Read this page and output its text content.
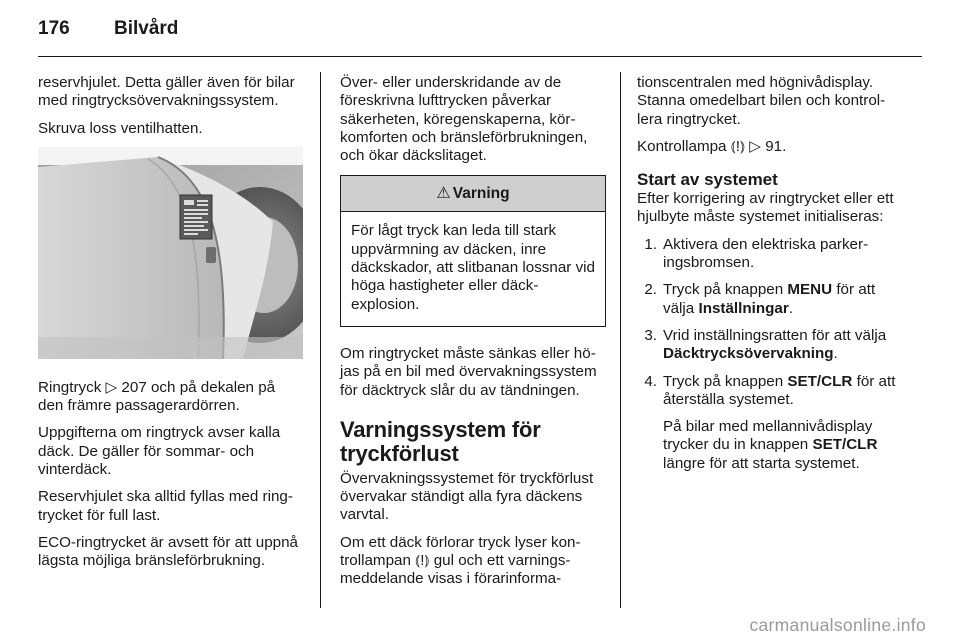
176	Bilvård

reservhjulet. Detta gäller även för bilar med ringtrycksövervakningssystem.

Skruva loss ventilhatten.

Ringtryck ▷ 207 och på dekalen på den främre passagerardörren.

Uppgifterna om ringtryck avser kalla däck. De gäller för sommar- och vinterdäck.

Reservhjulet ska alltid fyllas med ringtrycket för full last.

ECO-ringtrycket är avsett för att uppnå lägsta möjliga bränsleförbrukning.

Över- eller underskridande av de föreskrivna lufttrycken påverkar säkerheten, köregenskaperna, körkomforten och bränsleförbrukningen, och ökar däckslitaget.

⚠ Varning
För lågt tryck kan leda till stark uppvärmning av däcken, inre däckskador, att slitbanan lossnar vid höga hastigheter eller däckexplosion.

Om ringtrycket måste sänkas eller höjas på en bil med övervakningssystem för däcktryck slår du av tändningen.

Varningssystem för tryckförlust

Övervakningssystemet för tryckförlust övervakar ständigt alla fyra däckens varvtal.

Om ett däck förlorar tryck lyser kontrollampan ⦅!⦆ gul och ett varningsmeddelande visas i förarinforma-

tionscentralen med högnivådisplay. Stanna omedelbart bilen och kontrollera ringtrycket.

Kontrollampa ⦅!⦆ ▷ 91.

Start av systemet

Efter korrigering av ringtrycket eller ett hjulbyte måste systemet initialiseras:

1. Aktivera den elektriska parkeringsbromsen.
2. Tryck på knappen MENU för att välja Inställningar.
3. Vrid inställningsratten för att välja Däcktrycksövervakning.
4. Tryck på knappen SET/CLR för att återställa systemet.

På bilar med mellannivådisplay trycker du in knappen SET/CLR längre för att starta systemet.

carmanualsonline.info
